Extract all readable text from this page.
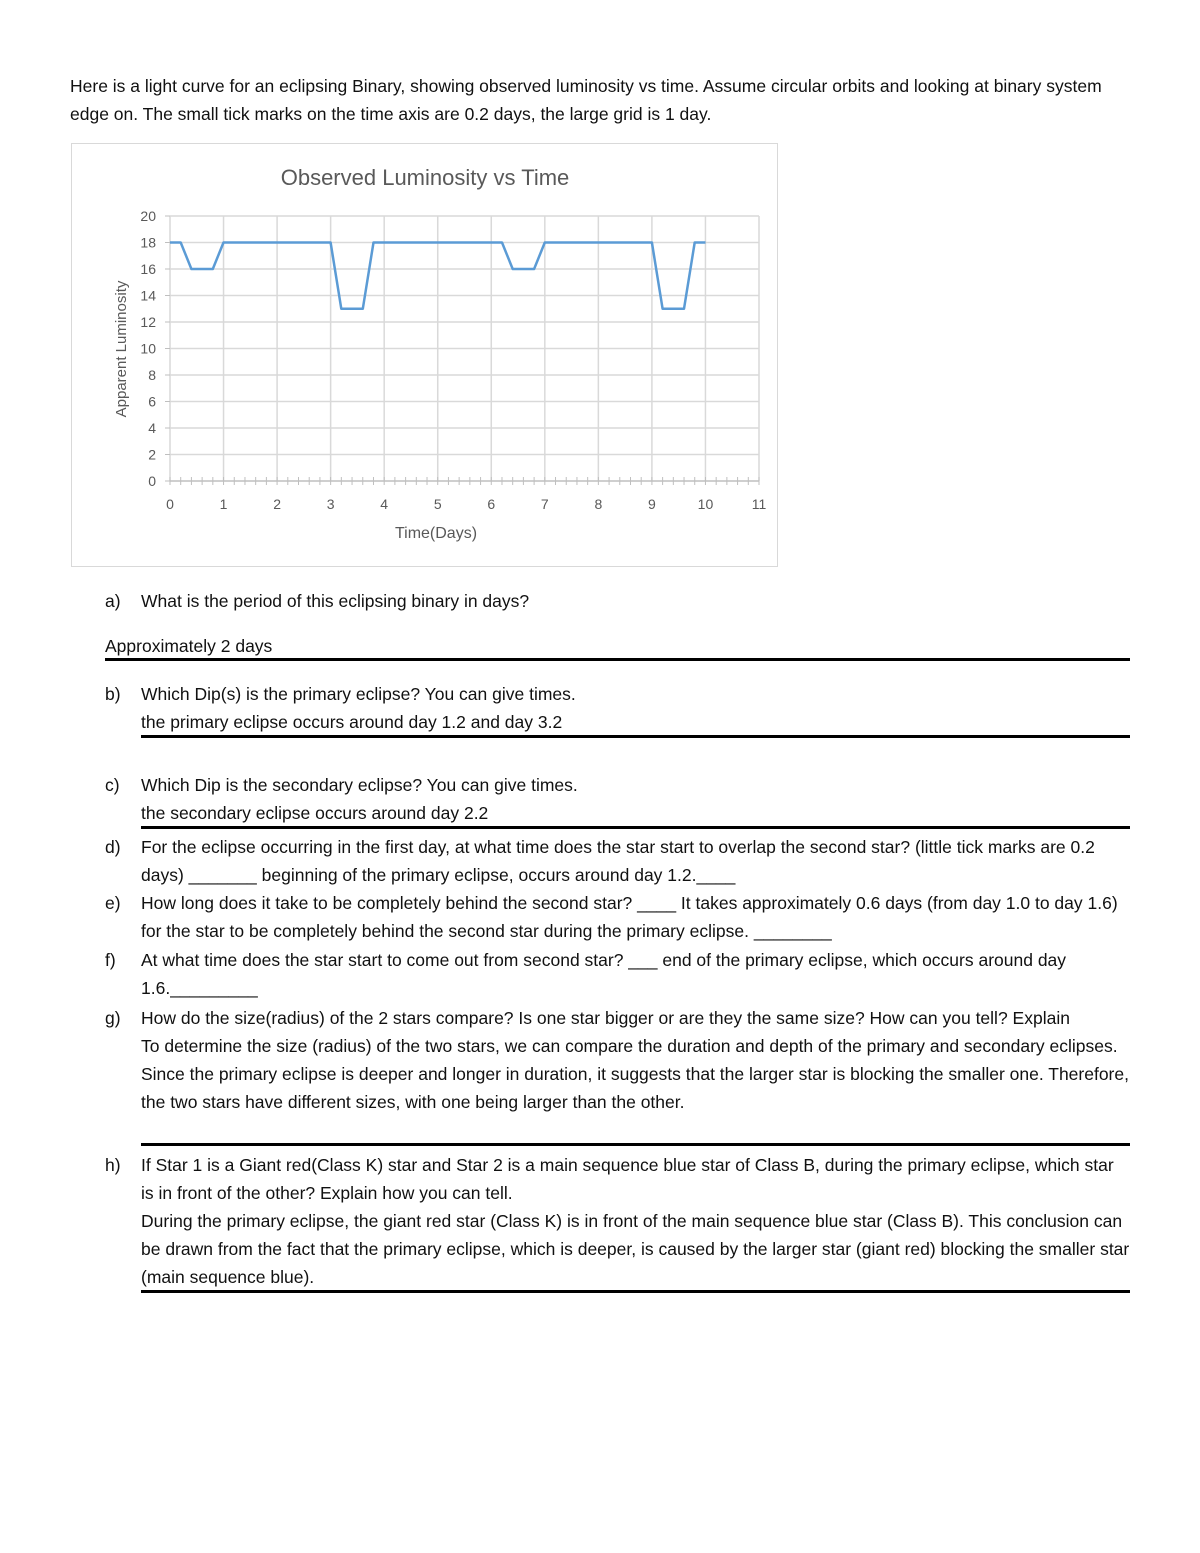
Here is a light curve for an eclipsing Binary, showing observed luminosity vs time. Assume circular orbits and looking at binary system edge on. The small tick marks on the time axis are 0.2 days, the large grid is 1 day.

Observed Luminosity vs Time
Apparent Luminosity
Time(Days)
0
2
4
6
8
10
12
14
16
18
20
0	1	2	3	4	5	6	7	8	9	10	11
a)	What is the period of this eclipsing binary in days?
Approximately 2 days
b)	Which Dip(s) is the primary eclipse? You can give times.
the primary eclipse occurs around day 1.2 and day 3.2
c)	Which Dip is the secondary eclipse? You can give times.
the secondary eclipse occurs around day 2.2
d)	For the eclipse occurring in the first day, at what time does the star start to overlap the second star? (little tick marks are 0.2 days) _______ beginning of the primary eclipse, occurs around day 1.2.____
e)	How long does it take to be completely behind the second star? ____ It takes approximately 0.6 days (from day 1.0 to day 1.6) for the star to be completely behind the second star during the primary eclipse. ________
f)	At what time does the star start to come out from second star? ___ end of the primary eclipse, which occurs around day 1.6._________
g)	How do the size(radius) of the 2 stars compare? Is one star bigger or are they the same size? How can you tell? Explain
To determine the size (radius) of the two stars, we can compare the duration and depth of the primary and secondary eclipses. Since the primary eclipse is deeper and longer in duration, it suggests that the larger star is blocking the smaller one. Therefore, the two stars have different sizes, with one being larger than the other.
h)	If Star 1 is a Giant red(Class K) star and Star 2 is a main sequence blue star of Class B, during the primary eclipse, which star is in front of the other? Explain how you can tell.
During the primary eclipse, the giant red star (Class K) is in front of the main sequence blue star (Class B). This conclusion can be drawn from the fact that the primary eclipse, which is deeper, is caused by the larger star (giant red) blocking the smaller star (main sequence blue).
